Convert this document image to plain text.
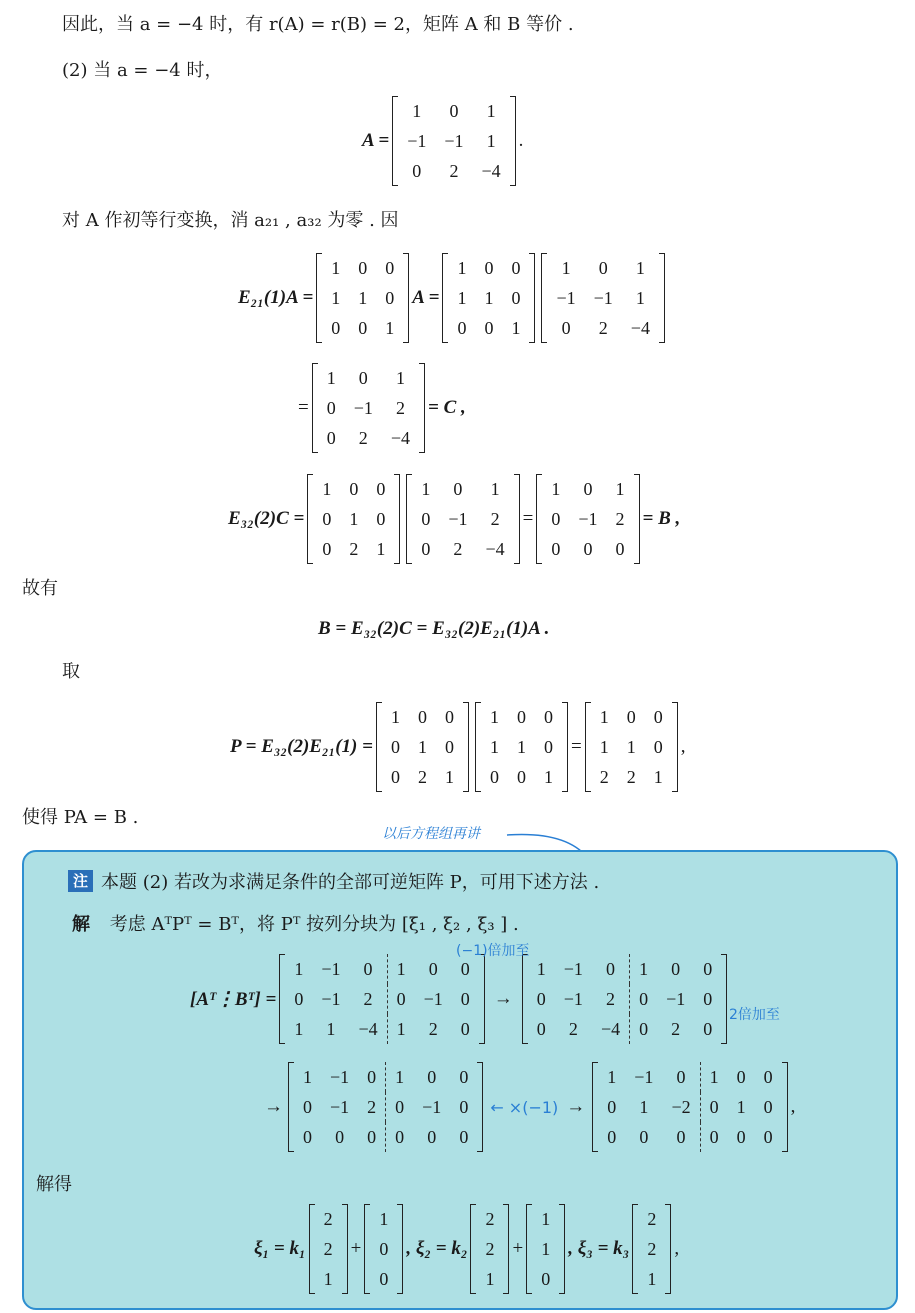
因此，当 a = −4 时，有 r(A) = r(B) = 2，矩阵 A 和 B 等价 .
(2) 当 a = −4 时，
A =
1	0	1
−1	−1	1
0	2	−4
.
对 A 作初等行变换，消 a₂₁ , a₃₂ 为零 . 因
E₂₁(1)A =
1	0	0
1	1	0
0	0	1
A =
1	0	0
1	1	0
0	0	1
1	0	1
−1	−1	1
0	2	−4
=
1	0	1
0	−1	2
0	2	−4
= C ,
E₃₂(2)C =
1	0	0
0	1	0
0	2	1
1	0	1
0	−1	2
0	2	−4
=
1	0	1
0	−1	2
0	0	0
= B ,
故有
B = E₃₂(2)C = E₃₂(2)E₂₁(1)A .
取
P = E₃₂(2)E₂₁(1) =
1	0	0
0	1	0
0	2	1
1	0	0
1	1	0
0	0	1
=
1	0	0
1	1	0
2	2	1
,
使得 PA = B .
以后方程组再讲
注 本题 (2) 若改为求满足条件的全部可逆矩阵 P，可用下述方法 .
解 考虑 AᵀPᵀ = Bᵀ，将 Pᵀ 按列分块为 [ξ₁ , ξ₂ , ξ₃ ] .
[Aᵀ⋮Bᵀ] =
1	−1	0	1	0	0
0	−1	2	0	−1	0
1	1	−4	1	2	0
→
1	−1	0	1	0	0
0	−1	2	0	−1	0
0	2	−4	0	2	0
(−1)倍加至
2倍加至
→
1	−1	0	1	0	0
0	−1	2	0	−1	0
0	0	0	0	0	0
← ×(−1) →
1	−1	0	1	0	0
0	1	−2	0	1	0
0	0	0	0	0	0
,
解得
ξ₁ = k₁
2
2
1
+
1
0
0
, ξ₂ = k₂
2
2
1
+
1
1
0
, ξ₃ = k₃
2
2
1
,
